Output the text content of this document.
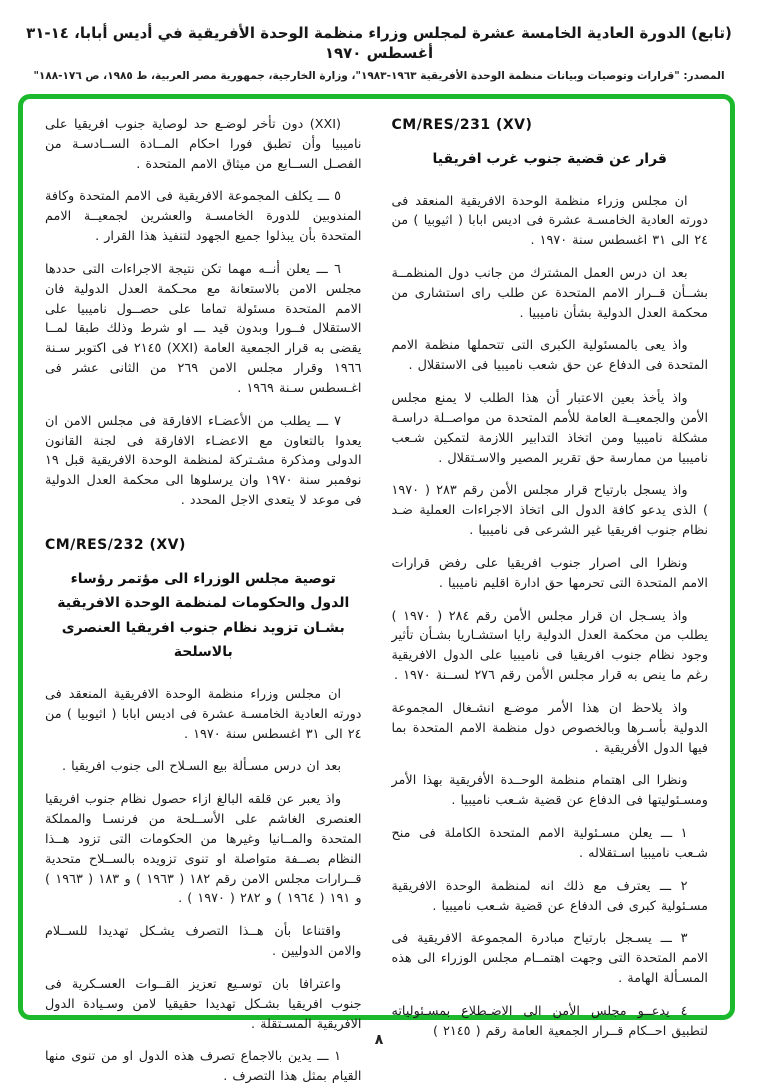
(تابع) الدورة العادية الخامسة عشرة لمجلس وزراء منظمة الوحدة الأفريقية في أديس أبابا، ١٤-٣١ أغسطس ١٩٧٠
المصدر: "قرارات وتوصيات وبيانات منظمة الوحدة الأفريقية ١٩٦٣-١٩٨٣"، وزارة الخارجية، جمهورية مصر العربية، ط ١٩٨٥، ص ١٧٦-١٨٨"
CM/RES/231 (XV)
قرار عن قضية جنوب غرب افريقيا

ان مجلس وزراء منظمة الوحدة الافريقية المنعقد فى دورته العادية الخامسـة عشرة فى اديس ابابا ( اثيوبيا ) من ٢٤ الى ٣١ اغسطس سنة ١٩٧٠ .

بعد ان درس العمل المشترك من جانب دول المنظمــة بشــأن قــرار الامم المتحدة عن طلب راى استشارى من محكمة العدل الدولية بشأن ناميبيا .

واذ يعى بالمسئولية الكبرى التى تتحملها منظمة الامم المتحدة فى الدفاع عن حق شعب ناميبيا فى الاستقلال .

واذ يأخذ بعين الاعتبار أن هذا الطلب لا يمنع مجلس الأمن والجمعيــة العامة للأمم المتحدة من مواصــلة دراسـة مشكلة ناميبيا ومن اتخاذ التدابير اللازمة لتمكين شـعب ناميبيا من ممارسة حق تقرير المصير والاسـتقلال .

واذ يسجل بارتياح قرار مجلس الأمن رقم ٢٨٣ ( ١٩٧٠ ) الذى يدعو كافة الدول الى اتخاذ الاجراءات العملية ضـد نظام جنوب افريقيا غير الشرعى فى ناميبيا .

ونظرا الى اصرار جنوب افريقيا على رفض قرارات الامم المتحدة التى تحرمها حق ادارة اقليم ناميبيا .

واذ يسـجل ان قرار مجلس الأمن رقم ٢٨٤ ( ١٩٧٠ ) يطلب من محكمة العدل الدولية رايا استشـاريا بشـأن تأثير وجود نظام جنوب افريقيا فى ناميبيا على الدول الافريقية رغم ما ينص به قرار مجلس الأمن رقم ٢٧٦ لســنة ١٩٧٠ .

واذ يلاحظ ان هذا الأمر موضـع انشـغال المجموعة الدولية بأسـرها وبالخصوص دول منظمة الامم المتحدة بما فيها الدول الأفريقية .

ونظرا الى اهتمام منظمة الوحــدة الأفريقية بهذا الأمر ومسـئوليتها فى الدفاع عن قضية شـعب ناميبيا .

١ ـــ يعلن مسـئولية الامم المتحدة الكاملة فى منح شـعب ناميبيا اسـتقلاله .

٢ ـــ يعترف مع ذلك انه لمنظمة الوحدة الافريقية مسـئولية كبرى فى الدفاع عن قضية شـعب ناميبيا .

٣ ـــ يسـجل بارتياح مبادرة المجموعة الافريقية فى الامم المتحدة التى وجهت اهتمــام مجلس الوزراء الى هذه المسـألة الهامة .

٤ يدعــو مجلس الأمن الى الاضـطلاع بمسـئولياته لتطبيق احــكام قــرار الجمعية العامة رقم ( ٢١٤٥ )

(XXI) دون تأخر لوضـع حد لوصاية جنوب افريقيا على ناميبيا وأن تطبق فورا احكام المــادة الســادسـة من الفصـل الســابع من ميثاق الامم المتحدة .

٥ ـــ يكلف المجموعة الافريقية فى الامم المتحدة وكافة المندوبين للدورة الخامسـة والعشرين لجمعيــة الامم المتحدة بأن يبذلوا جميع الجهود لتنفيذ هذا القرار .

٦ ـــ يعلن أنــه مهما تكن نتيجة الاجراءات التى حددها مجلس الامن بالاستعانة مع محـكمة العدل الدولية فان الامم المتحدة مسئولة تماما على حصــول ناميبيا على الاستقلال فــورا وبدون قيد ـــ او شرط وذلك طبقا لمــا يقضى به قرار الجمعية العامة (XXI) ٢١٤٥ فى اكتوبر سـنة ١٩٦٦ وقرار مجلس الامن ٢٦٩ من الثانى عشر فى اغـسطس سـنة ١٩٦٩ .

٧ ـــ يطلب من الأعضـاء الافارقة فى مجلس الامن ان يعدوا بالتعاون مع الاعضـاء الافارقة فى لجنة القانون الدولى ومذكرة مشـتركة لمنظمة الوحدة الافريقية قبل ١٩ نوفمبر سنة ١٩٧٠ وان يرسلوها الى محكمة العدل الدولية فى موعد لا يتعدى الاجل المحدد .

CM/RES/232 (XV)
توصية مجلس الوزراء الى مؤتمر رؤساء الدول والحكومات لمنظمة الوحدة الافريقية بشـان تزويد نظام جنوب افريقيا العنصرى بالاسلحة

ان مجلس وزراء منظمة الوحدة الافريقية المنعقد فى دورته العادية الخامسـة عشرة فى اديس ابابا ( اثيوبيا ) من ٢٤ الى ٣١ اغسطس سنة ١٩٧٠ .

بعد ان درس مسـألة بيع السـلاح الى جنوب افريقيا .

واذ يعبر عن قلقه البالغ ازاء حصول نظام جنوب افريقيا العنصرى الغاشم على الأســلحة من فرنسـا والمملكة المتحدة والمــانيا وغيرها من الحكومات التى تزود هــذا النظام بصــفة متواصلة او تنوى تزويده بالســلاح متحدية قــرارات مجلس الامن رقم ١٨٢ ( ١٩٦٣ ) و ١٨٣ ( ١٩٦٣ ) و ١٩١ ( ١٩٦٤ ) و ٢٨٢ ( ١٩٧٠ ) .

واقتناعا بأن هــذا التصرف يشـكل تهديدا للســلام والامن الدوليين .

واعترافا بان توسـيع تعزيز القــوات العسـكرية فى جنوب افريقيا بشـكل تهديدا حقيقيا لامن وسـيادة الدول الافريقية المسـتقلة .

١ ـــ يدين بالاجماع تصرف هذه الدول او من تنوى منها القيام بمثل هذا التصرف .

٨
